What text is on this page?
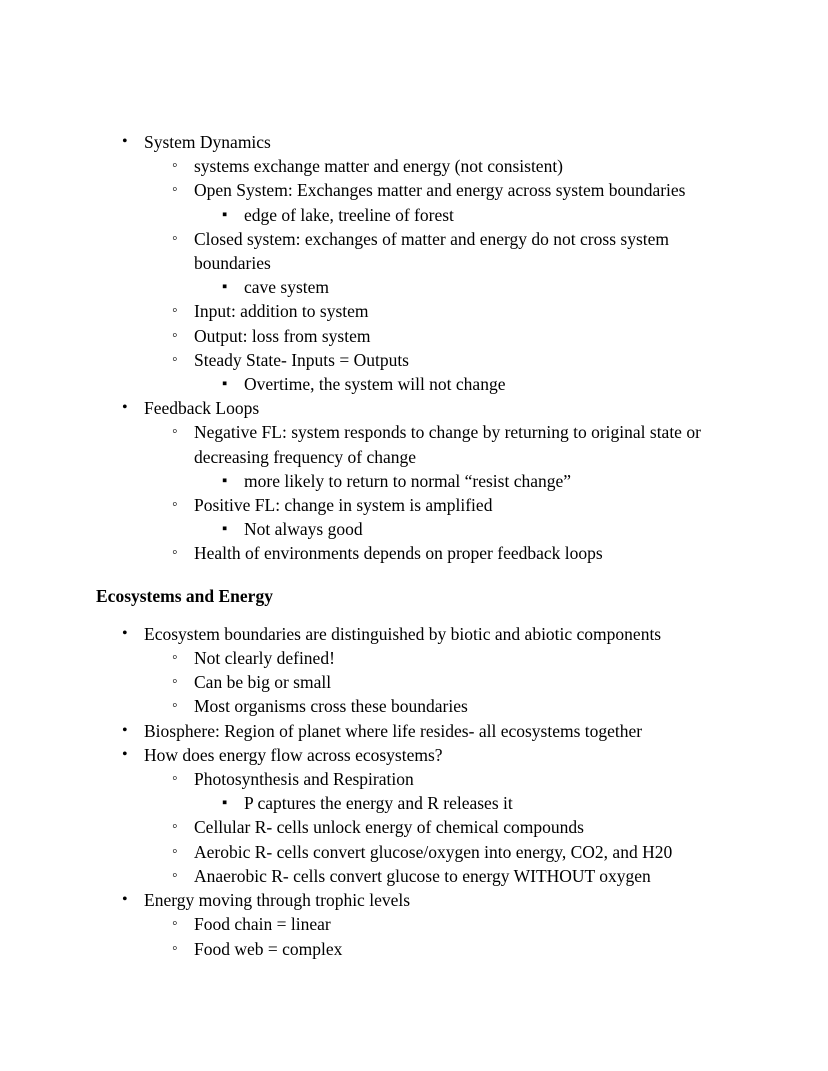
• System Dynamics
◦ systems exchange matter and energy (not consistent)
◦ Open System: Exchanges matter and energy across system boundaries
▪ edge of lake, treeline of forest
◦ Closed system: exchanges of matter and energy do not cross system boundaries
▪ cave system
◦ Input: addition to system
◦ Output: loss from system
◦ Steady State- Inputs = Outputs
▪ Overtime, the system will not change
• Feedback Loops
◦ Negative FL: system responds to change by returning to original state or decreasing frequency of change
▪ more likely to return to normal “resist change”
◦ Positive FL: change in system is amplified
▪ Not always good
◦ Health of environments depends on proper feedback loops

Ecosystems and Energy

• Ecosystem boundaries are distinguished by biotic and abiotic components
◦ Not clearly defined!
◦ Can be big or small
◦ Most organisms cross these boundaries
• Biosphere: Region of planet where life resides- all ecosystems together
• How does energy flow across ecosystems?
◦ Photosynthesis and Respiration
▪ P captures the energy and R releases it
◦ Cellular R- cells unlock energy of chemical compounds
◦ Aerobic R- cells convert glucose/oxygen into energy, CO2, and H20
◦ Anaerobic R- cells convert glucose to energy WITHOUT oxygen
• Energy moving through trophic levels
◦ Food chain = linear
◦ Food web = complex
